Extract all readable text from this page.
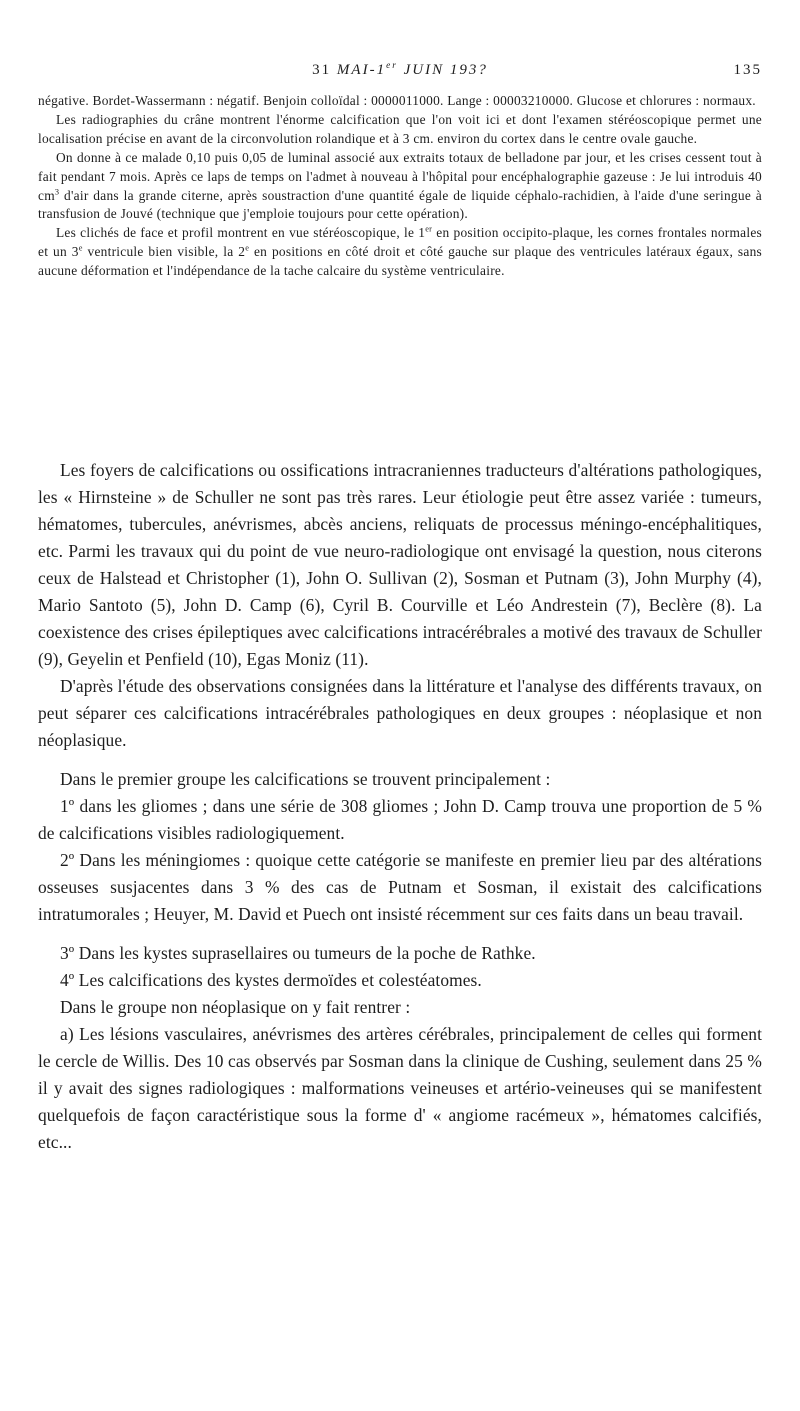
31 MAI-1er JUIN 193?	135

négative. Bordet-Wassermann : négatif. Benjoin colloïdal : 0000011000. Lange : 00003210000. Glucose et chlorures : normaux.

Les radiographies du crâne montrent l'énorme calcification que l'on voit ici et dont l'examen stéréoscopique permet une localisation précise en avant de la circonvolution rolandique et à 3 cm. environ du cortex dans le centre ovale gauche.

On donne à ce malade 0,10 puis 0,05 de luminal associé aux extraits totaux de belladone par jour, et les crises cessent tout à fait pendant 7 mois. Après ce laps de temps on l'admet à nouveau à l'hôpital pour encéphalographie gazeuse : Je lui introduis 40 $cm^3$ d'air dans la grande citerne, après soustraction d'une quantité égale de liquide céphalo-rachidien, à l'aide d'une seringue à transfusion de Jouvé (technique que j'emploie toujours pour cette opération).

Les clichés de face et profil montrent en vue stéréoscopique, le 1er en position occipito-plaque, les cornes frontales normales et un 3e ventricule bien visible, la 2e en positions en côté droit et côté gauche sur plaque des ventricules latéraux égaux, sans aucune déformation et l'indépendance de la tache calcaire du système ventriculaire.

Les foyers de calcifications ou ossifications intracraniennes traducteurs d'altérations pathologiques, les « Hirnsteine » de Schuller ne sont pas très rares. Leur étiologie peut être assez variée : tumeurs, hématomes, tubercules, anévrismes, abcès anciens, reliquats de processus méningo-encéphalitiques, etc. Parmi les travaux qui du point de vue neuro-radiologique ont envisagé la question, nous citerons ceux de Halstead et Christopher (1), John O. Sullivan (2), Sosman et Putnam (3), John Murphy (4), Mario Santoto (5), John D. Camp (6), Cyril B. Courville et Léo Andrestein (7), Beclère (8). La coexistence des crises épileptiques avec calcifications intracérébrales a motivé des travaux de Schuller (9), Geyelin et Penfield (10), Egas Moniz (11).

D'après l'étude des observations consignées dans la littérature et l'analyse des différents travaux, on peut séparer ces calcifications intracérébrales pathologiques en deux groupes : néoplasique et non néoplasique.

Dans le premier groupe les calcifications se trouvent principalement :

1º dans les gliomes ; dans une série de 308 gliomes ; John D. Camp trouva une proportion de 5 % de calcifications visibles radiologiquement.

2º Dans les méningiomes : quoique cette catégorie se manifeste en premier lieu par des altérations osseuses susjacentes dans 3 % des cas de Putnam et Sosman, il existait des calcifications intratumorales ; Heuyer, M. David et Puech ont insisté récemment sur ces faits dans un beau travail.

3º Dans les kystes suprasellaires ou tumeurs de la poche de Rathke.

4º Les calcifications des kystes dermoïdes et colestéatomes.

Dans le groupe non néoplasique on y fait rentrer :

a) Les lésions vasculaires, anévrismes des artères cérébrales, principalement de celles qui forment le cercle de Willis. Des 10 cas observés par Sosman dans la clinique de Cushing, seulement dans 25 % il y avait des signes radiologiques : malformations veineuses et artério-veineuses qui se manifestent quelquefois de façon caractéristique sous la forme d' « angiome racémeux », hématomes calcifiés, etc...
